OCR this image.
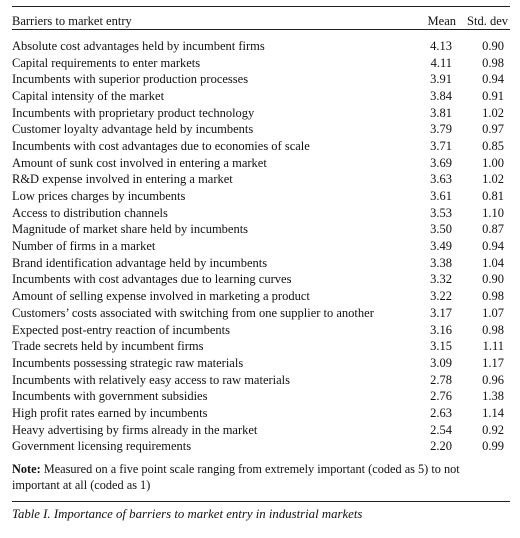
Barriers to market entry	Mean Std. dev
Absolute cost advantages held by incumbent firms	4.13	0.90
Capital requirements to enter markets	4.11	0.98
Incumbents with superior production processes	3.91	0.94
Capital intensity of the market	3.84	0.91
Incumbents with proprietary product technology	3.81	1.02
Customer loyalty advantage held by incumbents	3.79	0.97
Incumbents with cost advantages due to economies of scale	3.71	0.85
Amount of sunk cost involved in entering a market	3.69	1.00
R&D expense involved in entering a market	3.63	1.02
Low prices charges by incumbents	3.61	0.81
Access to distribution channels	3.53	1.10
Magnitude of market share held by incumbents	3.50	0.87
Number of firms in a market	3.49	0.94
Brand identification advantage held by incumbents	3.38	1.04
Incumbents with cost advantages due to learning curves	3.32	0.90
Amount of selling expense involved in marketing a product	3.22	0.98
Customers’ costs associated with switching from one supplier to another	3.17	1.07
Expected post-entry reaction of incumbents	3.16	0.98
Trade secrets held by incumbent firms	3.15	1.11
Incumbents possessing strategic raw materials	3.09	1.17
Incumbents with relatively easy access to raw materials	2.78	0.96
Incumbents with government subsidies	2.76	1.38
High profit rates earned by incumbents	2.63	1.14
Heavy advertising by firms already in the market	2.54	0.92
Government licensing requirements	2.20	0.99
Note: Measured on a five point scale ranging from extremely important (coded as 5) to not important at all (coded as 1)
Table I. Importance of barriers to market entry in industrial markets
